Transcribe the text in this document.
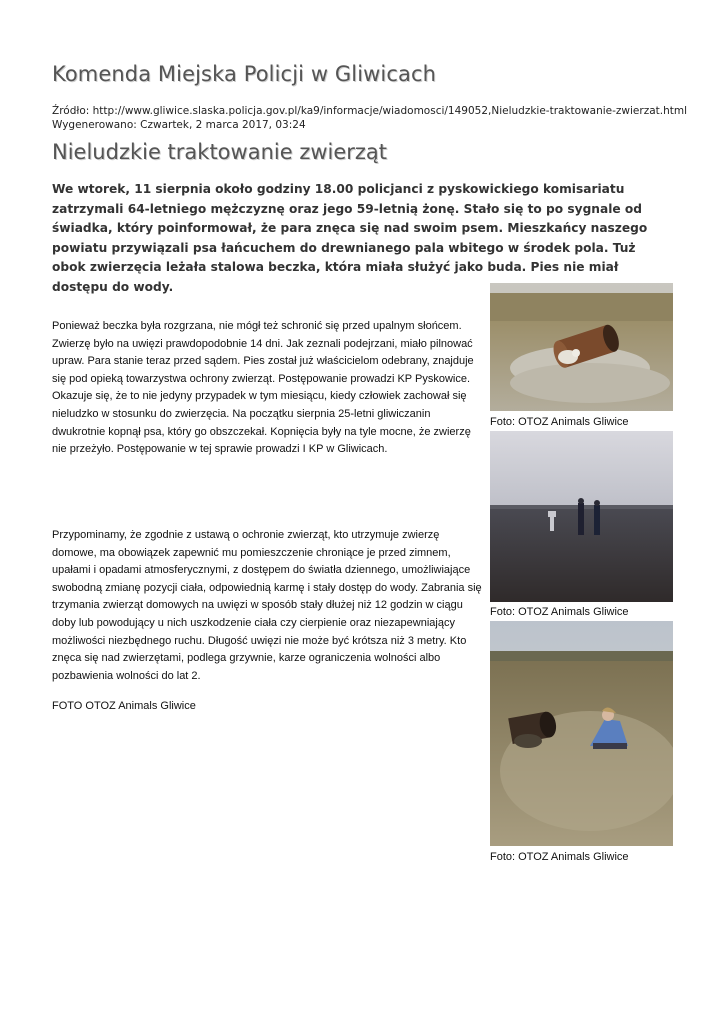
Komenda Miejska Policji w Gliwicach
Źródło: http://www.gliwice.slaska.policja.gov.pl/ka9/informacje/wiadomosci/149052,Nieludzkie-traktowanie-zwierzat.html
Wygenerowano: Czwartek, 2 marca 2017, 03:24
Nieludzkie traktowanie zwierząt

We wtorek, 11 sierpnia około godziny 18.00 policjanci z pyskowickiego komisariatu zatrzymali 64-letniego mężczyznę oraz jego 59-letnią żonę. Stało się to po sygnale od świadka, który poinformował, że para znęca się nad swoim psem. Mieszkańcy naszego powiatu przywiązali psa łańcuchem do drewnianego pala wbitego w środek pola. Tuż obok zwierzęcia leżała stalowa beczka, która miała służyć jako buda. Pies nie miał dostępu do wody.

Ponieważ beczka była rozgrzana, nie mógł też schronić się przed upalnym słońcem. Zwierzę było na uwięzi prawdopodobnie 14 dni. Jak zeznali podejrzani, miało pilnować upraw. Para stanie teraz przed sądem. Pies został już właścicielom odebrany, znajduje się pod opieką towarzystwa ochrony zwierząt. Postępowanie prowadzi KP Pyskowice. Okazuje się, że to nie jedyny przypadek w tym miesiącu, kiedy człowiek zachował się nieludzko w stosunku do zwierzęcia. Na początku sierpnia 25-letni gliwiczanin dwukrotnie kopnął psa, który go obszczekał. Kopnięcia były na tyle mocne, że zwierzę nie przeżyło. Postępowanie w tej sprawie prowadzi I KP w Gliwicach.

Przypominamy, że zgodnie z ustawą o ochronie zwierząt, kto utrzymuje zwierzę domowe, ma obowiązek zapewnić mu pomieszczenie chroniące je przed zimnem, upałami i opadami atmosferycznymi, z dostępem do światła dziennego, umożliwiające swobodną zmianę pozycji ciała, odpowiednią karmę i stały dostęp do wody. Zabrania się trzymania zwierząt domowych na uwięzi w sposób stały dłużej niż 12 godzin w ciągu doby lub powodujący u nich uszkodzenie ciała czy cierpienie oraz niezapewniający możliwości niezbędnego ruchu. Długość uwięzi nie może być krótsza niż 3 metry. Kto znęca się nad zwierzętami, podlega grzywnie, karze ograniczenia wolności albo pozbawienia wolności do lat 2.

FOTO OTOZ Animals Gliwice

Foto: OTOZ Animals Gliwice
Foto: OTOZ Animals Gliwice
Foto: OTOZ Animals Gliwice
